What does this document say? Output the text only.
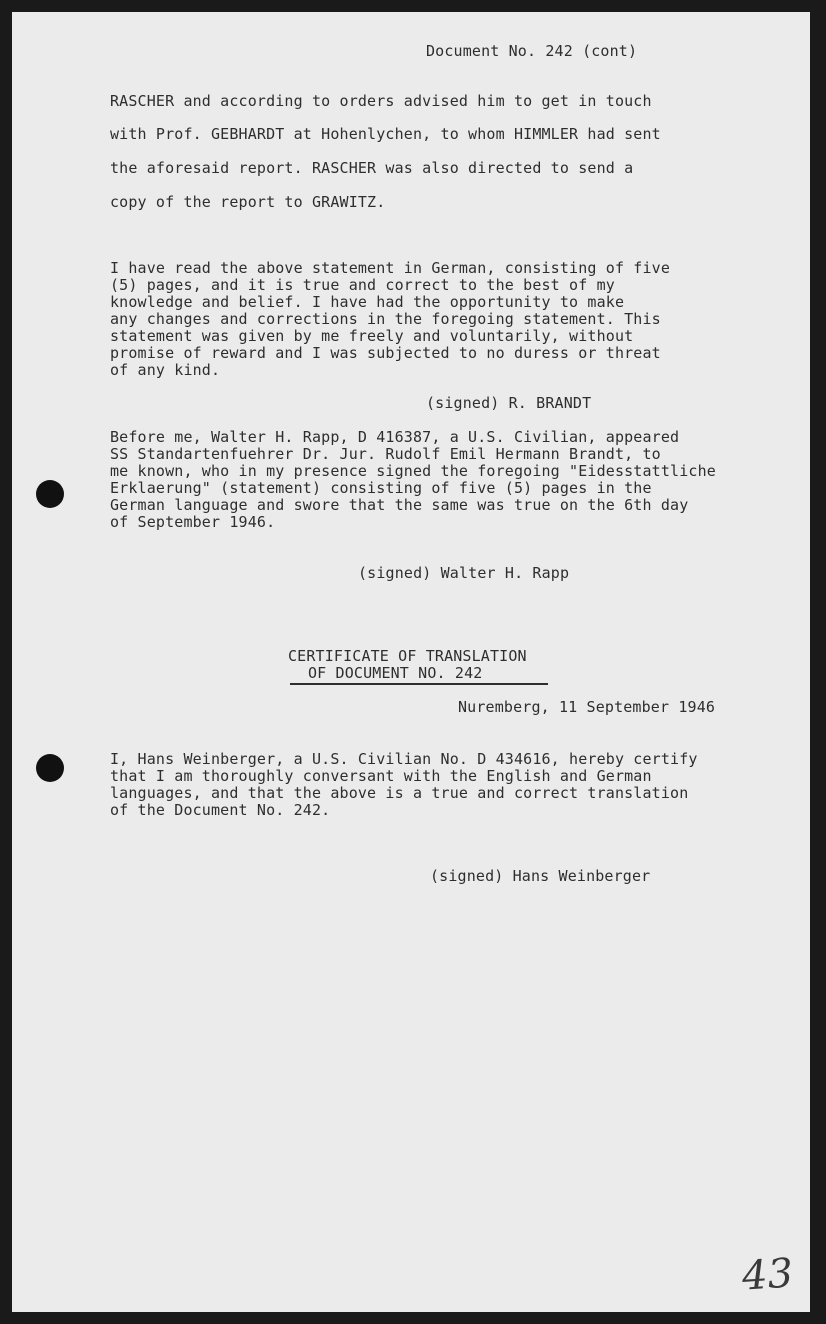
Document No. 242 (cont)
RASCHER and according to orders advised him to get in touch
with Prof. GEBHARDT at Hohenlychen, to whom HIMMLER had sent
the aforesaid report. RASCHER was also directed to send a
copy of the report to GRAWITZ.
I have read the above statement in German, consisting of five
(5) pages, and it is true and correct to the best of my
knowledge and belief. I have had the opportunity to make
any changes and corrections in the foregoing statement. This
statement was given by me freely and voluntarily, without
promise of reward and I was subjected to no duress or threat
of any kind.
(signed) R. BRANDT
Before me, Walter H. Rapp, D 416387, a U.S. Civilian, appeared
SS Standartenfuehrer Dr. Jur. Rudolf Emil Hermann Brandt, to
me known, who in my presence signed the foregoing "Eidesstattliche
Erklaerung" (statement) consisting of five (5) pages in the
German language and swore that the same was true on the 6th day
of September 1946.
(signed) Walter H. Rapp
CERTIFICATE OF TRANSLATION
OF DOCUMENT NO. 242
Nuremberg, 11 September 1946
I, Hans Weinberger, a U.S. Civilian No. D 434616, hereby certify
that I am thoroughly conversant with the English and German
languages, and that the above is a true and correct translation
of the Document No. 242.
(signed) Hans Weinberger
43
